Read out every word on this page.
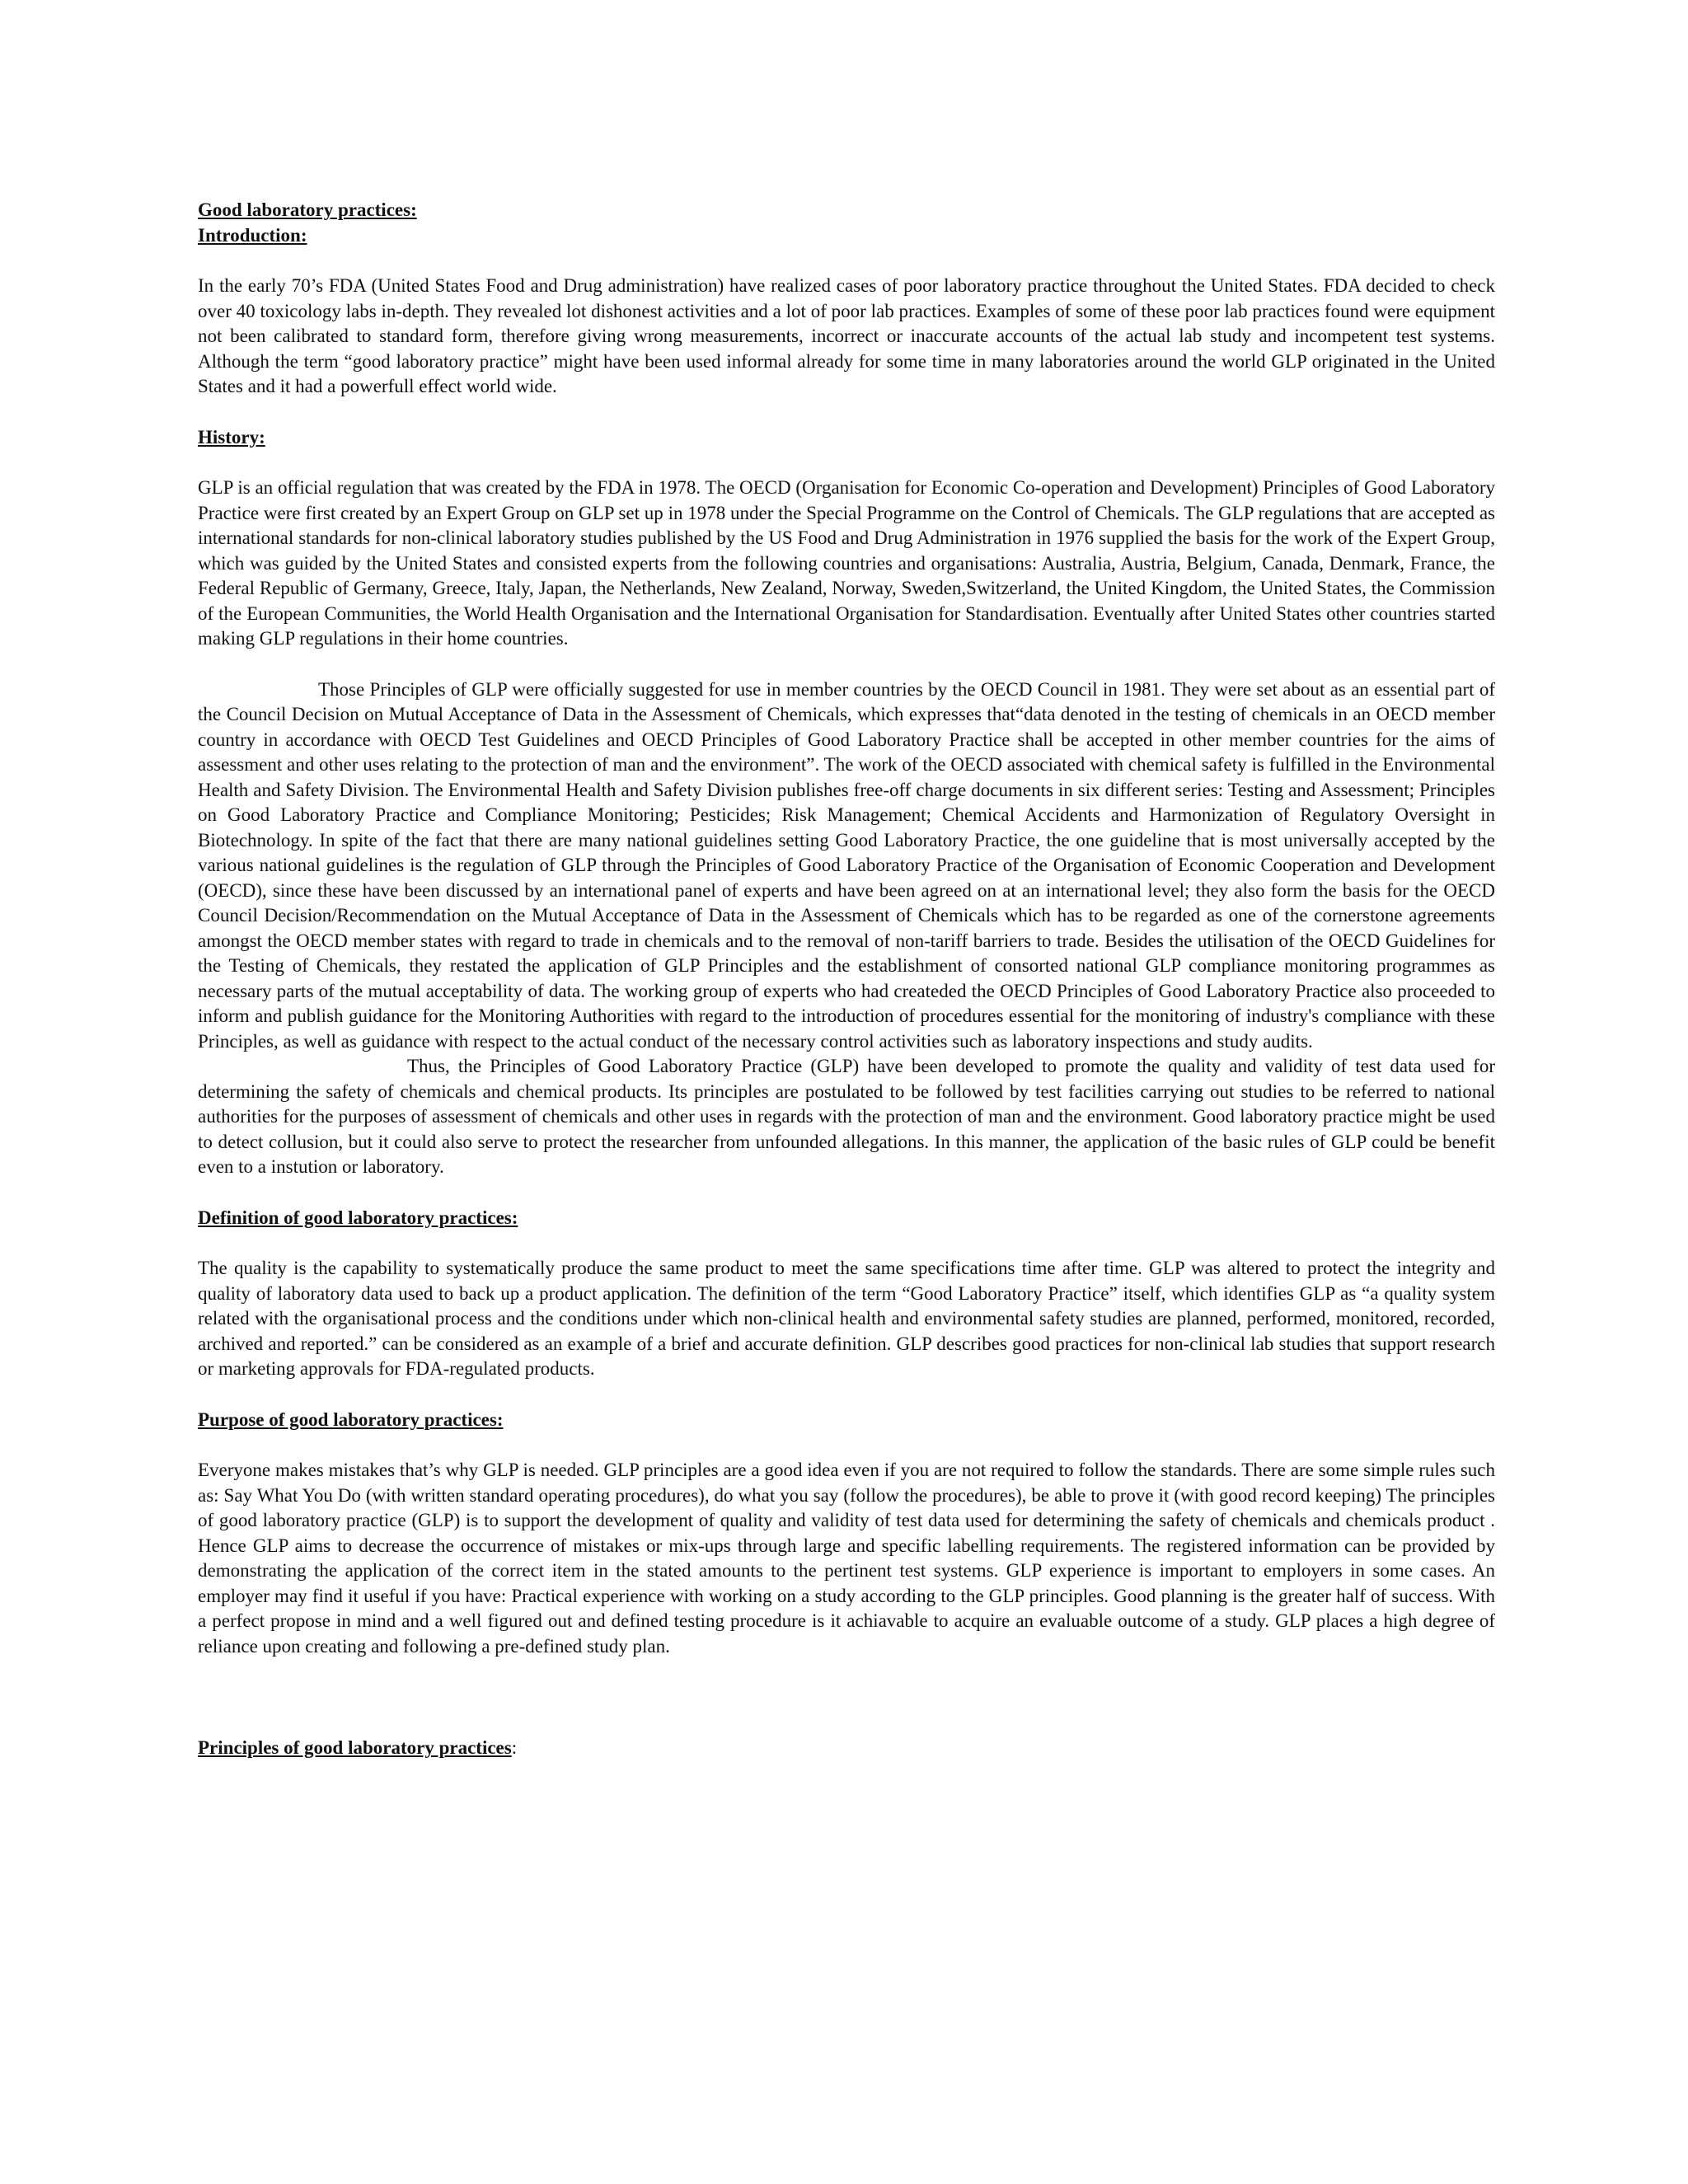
Good laboratory practices:

Introduction:

In the early 70’s FDA (United States Food and Drug administration) have realized cases of poor laboratory practice throughout the United States. FDA decided to check over 40 toxicology labs in-depth. They revealed lot dishonest activities and a lot of poor lab practices. Examples of some of these poor lab practices found were equipment not been calibrated to standard form, therefore giving wrong measurements, incorrect or inaccurate accounts of the actual lab study and incompetent test systems. Although the term “good laboratory practice” might have been used informal already for some time in many laboratories around the world GLP originated in the United States and it had a powerfull effect world wide.

History:

GLP is an official regulation that was created by the FDA in 1978. The OECD (Organisation for Economic Co-operation and Development) Principles of Good Laboratory Practice were first created by an Expert Group on GLP set up in 1978 under the Special Programme on the Control of Chemicals. The GLP regulations that are accepted as international standards for non-clinical laboratory studies published by the US Food and Drug Administration in 1976 supplied the basis for the work of the Expert Group, which was guided by the United States and consisted experts from the following countries and organisations: Australia, Austria, Belgium, Canada, Denmark, France, the Federal Republic of Germany, Greece, Italy, Japan, the Netherlands, New Zealand, Norway, Sweden,Switzerland, the United Kingdom, the United States, the Commission of the European Communities, the World Health Organisation and the International Organisation for Standardisation. Eventually after United States other countries started making GLP regulations in their home countries.

Those Principles of GLP were officially suggested for use in member countries by the OECD Council in 1981. They were set about as an essential part of the Council Decision on Mutual Acceptance of Data in the Assessment of Chemicals, which expresses that“data denoted in the testing of chemicals in an OECD member country in accordance with OECD Test Guidelines and OECD Principles of Good Laboratory Practice shall be accepted in other member countries for the aims of assessment and other uses relating to the protection of man and the environment”. The work of the OECD associated with chemical safety is fulfilled in the Environmental Health and Safety Division. The Environmental Health and Safety Division publishes free-off charge documents in six different series: Testing and Assessment; Principles on Good Laboratory Practice and Compliance Monitoring; Pesticides; Risk Management; Chemical Accidents and Harmonization of Regulatory Oversight in Biotechnology. In spite of the fact that there are many national guidelines setting Good Laboratory Practice, the one guideline that is most universally accepted by the various national guidelines is the regulation of GLP through the Principles of Good Laboratory Practice of the Organisation of Economic Cooperation and Development (OECD), since these have been discussed by an international panel of experts and have been agreed on at an international level; they also form the basis for the OECD Council Decision/Recommendation on the Mutual Acceptance of Data in the Assessment of Chemicals which has to be regarded as one of the cornerstone agreements amongst the OECD member states with regard to trade in chemicals and to the removal of non-tariff barriers to trade. Besides the utilisation of the OECD Guidelines for the Testing of Chemicals, they restated the application of GLP Principles and the establishment of consorted national GLP compliance monitoring programmes as necessary parts of the mutual acceptability of data. The working group of experts who had createded the OECD Principles of Good Laboratory Practice also proceeded to inform and publish guidance for the Monitoring Authorities with regard to the introduction of procedures essential for the monitoring of industry's compliance with these Principles, as well as guidance with respect to the actual conduct of the necessary control activities such as laboratory inspections and study audits.

Thus, the Principles of Good Laboratory Practice (GLP) have been developed to promote the quality and validity of test data used for determining the safety of chemicals and chemical products. Its principles are postulated to be followed by test facilities carrying out studies to be referred to national authorities for the purposes of assessment of chemicals and other uses in regards with the protection of man and the environment. Good laboratory practice might be used to detect collusion, but it could also serve to protect the researcher from unfounded allegations. In this manner, the application of the basic rules of GLP could be benefit even to a instution or laboratory.

Definition of good laboratory practices:

The quality is the capability to systematically produce the same product to meet the same specifications time after time. GLP was altered to protect the integrity and quality of laboratory data used to back up a product application. The definition of the term “Good Laboratory Practice” itself, which identifies GLP as “a quality system related with the organisational process and the conditions under which non-clinical health and environmental safety studies are planned, performed, monitored, recorded, archived and reported.” can be considered as an example of a brief and accurate definition. GLP describes good practices for non-clinical lab studies that support research or marketing approvals for FDA-regulated products.

Purpose of good laboratory practices:

Everyone makes mistakes that’s why GLP is needed. GLP principles are a good idea even if you are not required to follow the standards. There are some simple rules such as: Say What You Do (with written standard operating procedures), do what you say (follow the procedures), be able to prove it (with good record keeping) The principles of good laboratory practice (GLP) is to support the development of quality and validity of test data used for determining the safety of chemicals and chemicals product . Hence GLP aims to decrease the occurrence of mistakes or mix-ups through large and specific labelling requirements. The registered information can be provided by demonstrating the application of the correct item in the stated amounts to the pertinent test systems. GLP experience is important to employers in some cases. An employer may find it useful if you have: Practical experience with working on a study according to the GLP principles. Good planning is the greater half of success. With a perfect propose in mind and a well figured out and defined testing procedure is it achiavable to acquire an evaluable outcome of a study. GLP places a high degree of reliance upon creating and following a pre-defined study plan.

Principles of good laboratory practices:
